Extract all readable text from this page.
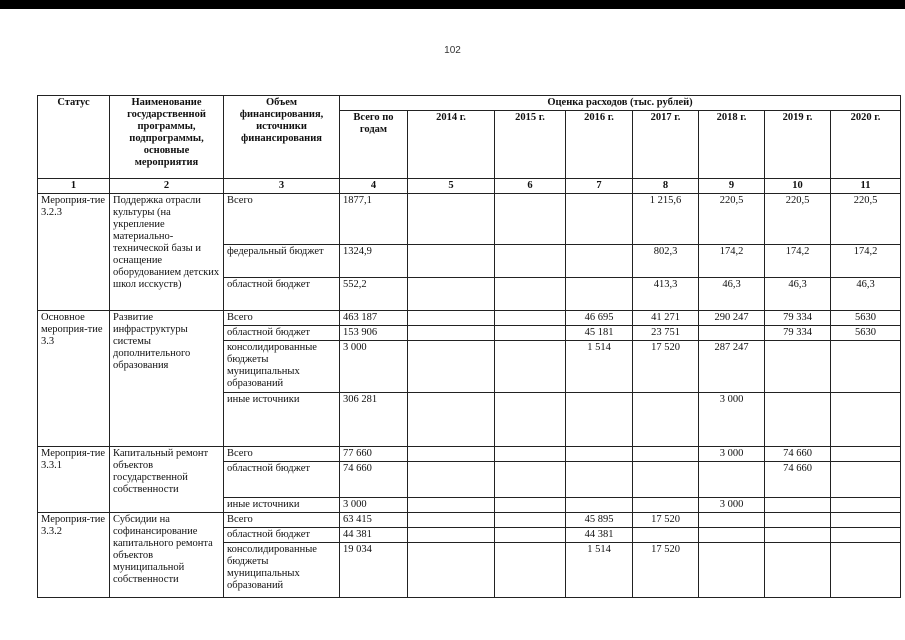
102
Статус	Наименование государственной программы, подпрограммы, основные мероприятия	Объем финансирования, источники финансирования	Оценка расходов (тыс. рублей)							
			Всего по годам	2014 г.	2015 г.	2016 г.	2017 г.	2018 г.	2019 г.	2020 г.
1	2	3	4	5	6	7	8	9	10	11
Мероприя-тие 3.2.3	Поддержка отрасли культуры (на укрепление материально-технической базы и оснащение оборудованием детских школ исскуств)	Всего	1877,1				1 215,6	220,5	220,5	220,5
		федеральный бюджет	1324,9				802,3	174,2	174,2	174,2
		областной бюджет	552,2				413,3	46,3	46,3	46,3
Основное мероприя-тие 3.3	Развитие инфраструктуры системы дополнительного образования	Всего	463 187			46 695	41 271	290 247	79 334	5630
		областной бюджет	153 906			45 181	23 751		79 334	5630
		консолидированные бюджеты муниципальных образований	3 000			1 514	17 520	287 247		
		иные источники	306 281					3 000		
Мероприя-тие 3.3.1	Капитальный ремонт объектов государственной собственности	Всего	77 660					3 000	74 660	
		областной бюджет	74 660						74 660	
		иные источники	3 000					3 000		
Мероприя-тие 3.3.2	Субсидии на софинансирование капитального ремонта объектов муниципальной собственности	Всего	63 415			45 895	17 520			
		областной бюджет	44 381			44 381				
		консолидированные бюджеты муниципальных образований	19 034			1 514	17 520			
